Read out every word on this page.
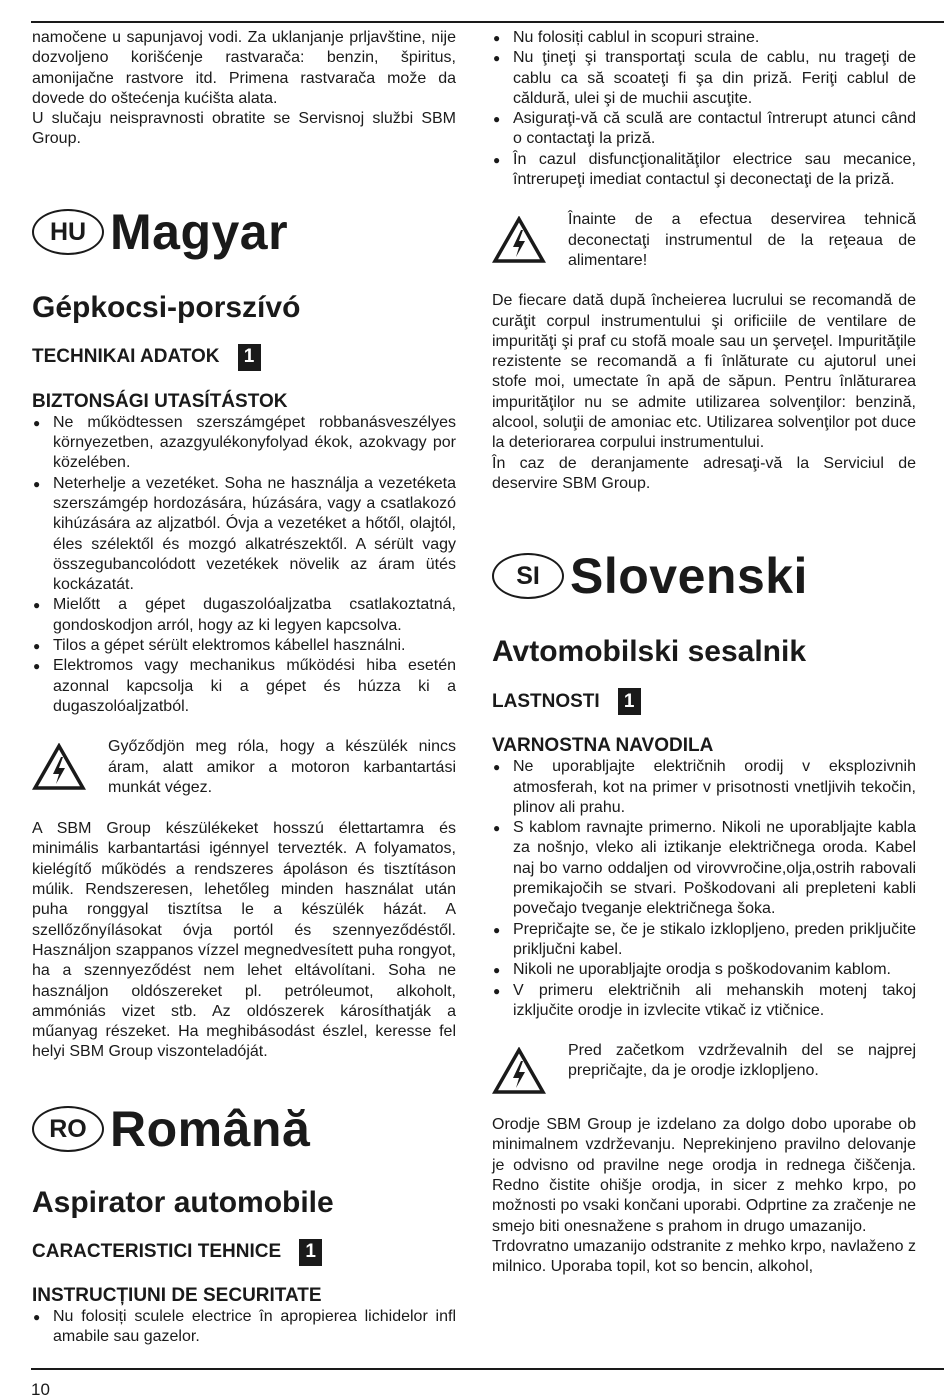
namočene u sapunjavoj vodi. Za uklanjanje prljavštine, nije dozvoljeno korišćenje rastvarača: benzin, špiritus, amonijačne rastvore itd. Primena rastvarača može da dovede do oštećenja kućišta alata.

U slučaju neispravnosti obratite se Servisnoj službi SBM Group.

HU Magyar
Gépkocsi-porszívó
TECHNIKAI ADATOK	1
BIZTONSÁGI UTASÍTÁSTOK
● Ne működtessen szerszámgépet robbanásveszélyes környezetben, azazgyulékonyfolyad ékok, azokvagy por közelében.
● Neterhelje a vezetéket. Soha ne használja a vezetéketa szerszámgép hordozására, húzására, vagy a csatlakozó kihúzására az aljzatból. Óvja a vezetéket a hőtől, olajtól, éles szélektől és mozgó alkatrészektől. A sérült vagy összegubancolódott vezetékek növelik az áram ütés kockázatát.
● Mielőtt a gépet dugaszolóaljzatba csatlakoztatná, gondoskodjon arról, hogy az ki legyen kapcsolva.
● Tilos a gépet sérült elektromos kábellel használni.
● Elektromos vagy mechanikus működési hiba esetén azonnal kapcsolja ki a gépet és húzza ki a dugaszolóaljzatból.

Győződjön meg róla, hogy a készülék nincs áram, alatt amikor a motoron karbantartási munkát végez.

A SBM Group készülékeket hosszú élettartamra és minimális karbantartási igénnyel tervezték. A folyamatos, kielégítő működés a rendszeres ápoláson és tisztításon múlik. Rendszeresen, lehetőleg minden használat után puha ronggyal tisztítsa le a készülék házát. A szellőzőnyílásokat óvja portól és szennyeződéstől. Használjon szappanos vízzel megnedvesített puha rongyot, ha a szennyeződést nem lehet eltávolítani. Soha ne használjon oldószereket pl. petróleumot, alkoholt, ammóniás vizet stb. Az oldószerek károsíthatják a műanyag részeket. Ha meghibásodást észlel, keresse fel helyi SBM Group viszonteladóját.

RO Română
Aspirator automobile
CARACTERISTICI TEHNICE	1
INSTRUCȚIUNI DE SECURITATE
● Nu folosiți sculele electrice în apropierea lichidelor infl amabile sau gazelor.
● Nu folosiți cablul in scopuri straine.
● Nu ţineţi şi transportaţi scula de cablu, nu trageţi de cablu ca să scoateţi fi şa din priză. Feriţi cablul de căldură, ulei şi de muchii ascuţite.
● Asiguraţi-vă că sculă are contactul întrerupt atunci când o contactaţi la priză.
● În cazul disfuncţionalităţilor electrice sau mecanice, întrerupeţi imediat contactul şi deconectaţi de la priză.

Înainte de a efectua deservirea tehnică deconectaţi instrumentul de la reţeaua de alimentare!

De fiecare dată după încheierea lucrului se recomandă de curăţit corpul instrumentului şi orificiile de ventilare de impurităţi şi praf cu stofă moale sau un şerveţel. Impurităţile rezistente se recomandă a fi înlăturate cu ajutorul unei stofe moi, umectate în apă de săpun. Pentru înlăturarea impurităţilor nu se admite utilizarea solvenţilor: benzină, alcool, soluţii de amoniac etc. Utilizarea solvenţilor pot duce la deteriorarea corpului instrumentului.

În caz de deranjamente adresaţi-vă la Serviciul de deservire SBM Group.

SI Slovenski
Avtomobilski sesalnik
LASTNOSTI	1
VARNOSTNA NAVODILA
● Ne uporabljajte električnih orodij v eksplozivnih atmosferah, kot na primer v prisotnosti vnetljivih tekočin, plinov ali prahu.
● S kablom ravnajte primerno. Nikoli ne uporabljajte kabla za nošnjo, vleko ali iztikanje električnega oroda. Kabel naj bo varno oddaljen od virovvročine,olja,ostrih rabovali premikajočih se stvari. Poškodovani ali prepleteni kabli povečajo tveganje električnega šoka.
● Prepričajte se, če je stikalo izklopljeno, preden priključite priključni kabel.
● Nikoli ne uporabljajte orodja s poškodovanim kablom.
● V primeru električnih ali mehanskih motenj takoj izključite orodje in izvlecite vtikač iz vtičnice.

Pred začetkom vzdrževalnih del se najprej prepričajte, da je orodje izklopljeno.

Orodje SBM Group je izdelano za dolgo dobo uporabe ob minimalnem vzdrževanju. Neprekinjeno pravilno delovanje je odvisno od pravilne nege orodja in rednega čiščenja. Redno čistite ohišje orodja, in sicer z mehko krpo, po možnosti po vsaki končani uporabi. Odprtine za zračenje ne smejo biti onesnažene s prahom in drugo umazanijo.

Trdovratno umazanijo odstranite z mehko krpo, navlaženo z milnico. Uporaba topil, kot so bencin, alkohol,

10
